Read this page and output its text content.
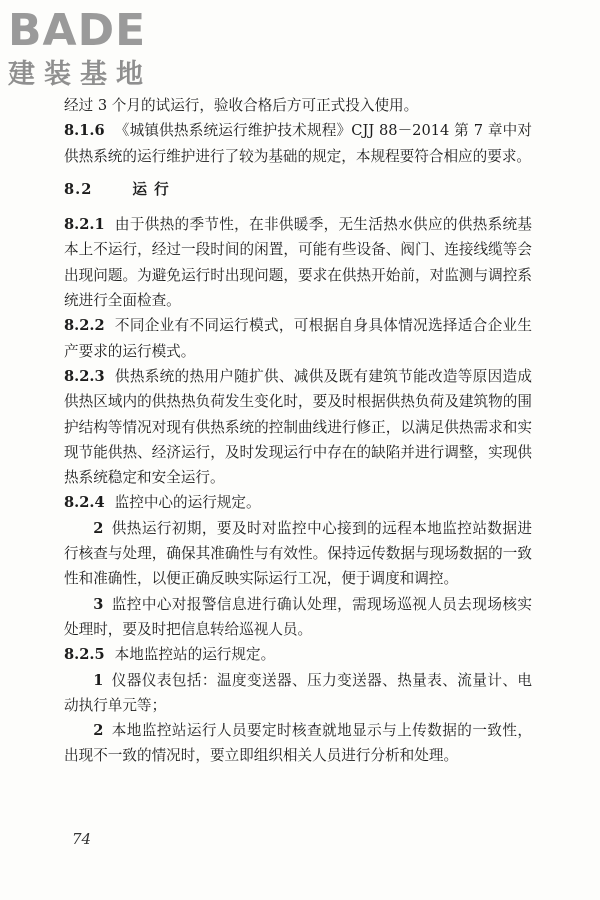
BADE
建装基地

经过 3 个月的试运行，验收合格后方可正式投入使用。

8.1.6 《城镇供热系统运行维护技术规程》CJJ 88－2014 第 7 章中对供热系统的运行维护进行了较为基础的规定，本规程要符合相应的要求。

8.2	运 行

8.2.1 由于供热的季节性，在非供暖季，无生活热水供应的供热系统基本上不运行，经过一段时间的闲置，可能有些设备、阀门、连接线缆等会出现问题。为避免运行时出现问题，要求在供热开始前，对监测与调控系统进行全面检查。

8.2.2 不同企业有不同运行模式，可根据自身具体情况选择适合企业生产要求的运行模式。

8.2.3 供热系统的热用户随扩供、减供及既有建筑节能改造等原因造成供热区域内的供热热负荷发生变化时，要及时根据供热负荷及建筑物的围护结构等情况对现有供热系统的控制曲线进行修正，以满足供热需求和实现节能供热、经济运行，及时发现运行中存在的缺陷并进行调整，实现供热系统稳定和安全运行。

8.2.4 监控中心的运行规定。

2 供热运行初期，要及时对监控中心接到的远程本地监控站数据进行核查与处理，确保其准确性与有效性。保持远传数据与现场数据的一致性和准确性，以便正确反映实际运行工况，便于调度和调控。

3 监控中心对报警信息进行确认处理，需现场巡视人员去现场核实处理时，要及时把信息转给巡视人员。

8.2.5 本地监控站的运行规定。

1 仪器仪表包括：温度变送器、压力变送器、热量表、流量计、电动执行单元等；

2 本地监控站运行人员要定时核查就地显示与上传数据的一致性，出现不一致的情况时，要立即组织相关人员进行分析和处理。

74
